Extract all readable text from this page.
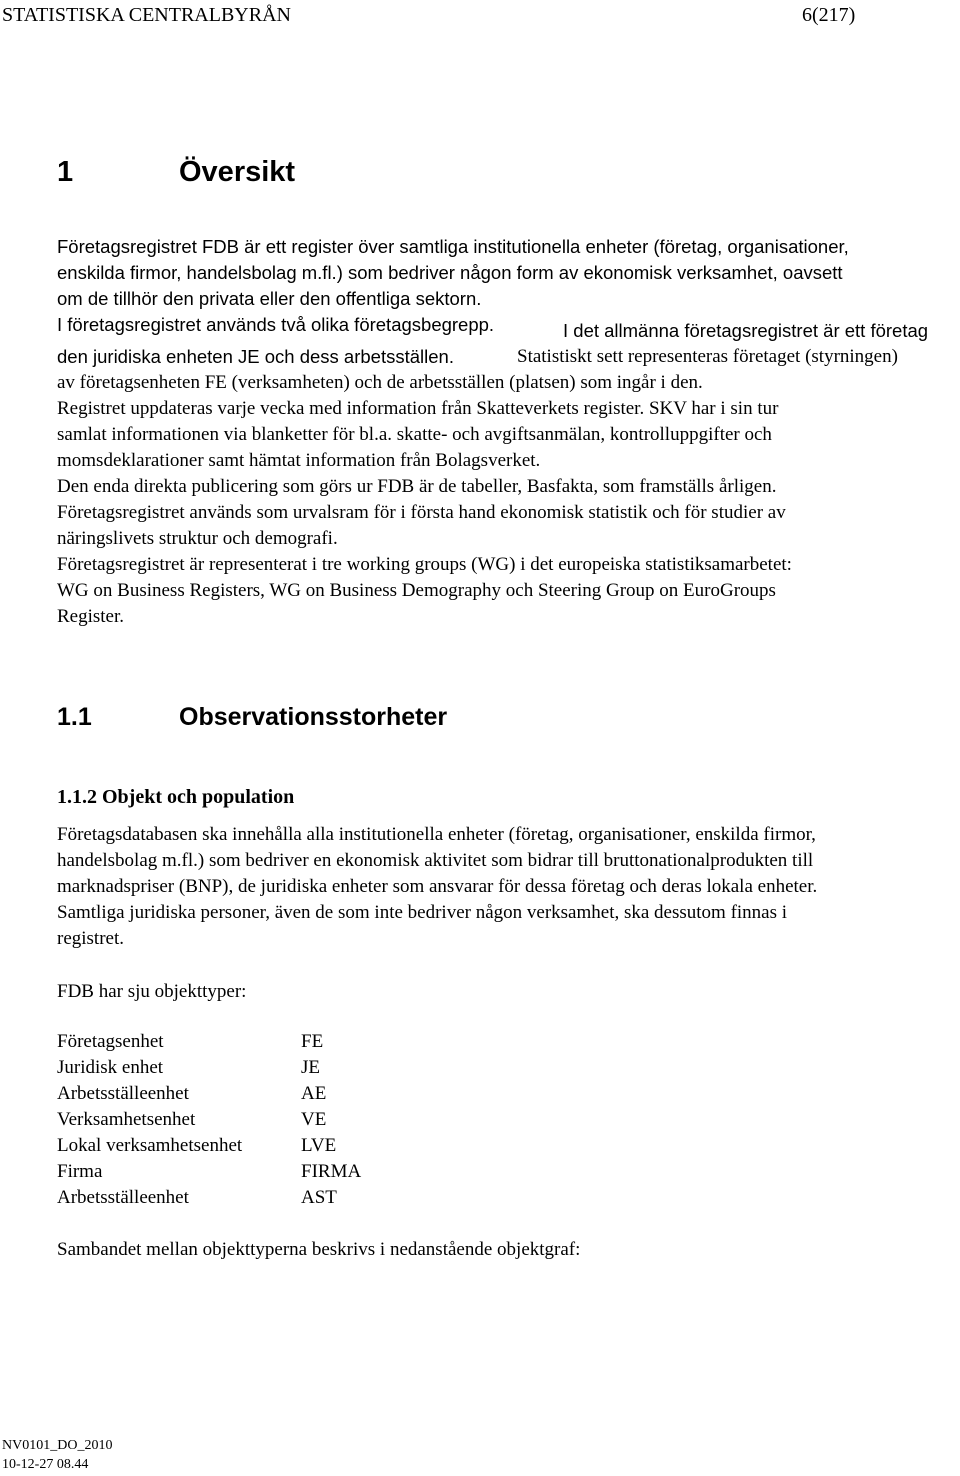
STATISTISKA CENTRALBYRÅN	6(217)
1	Översikt
Företagsregistret FDB är ett register över samtliga institutionella enheter (företag, organisationer,
enskilda firmor, handelsbolag m.fl.) som bedriver någon form av ekonomisk verksamhet, oavsett
om de tillhör den privata eller den offentliga sektorn.
I företagsregistret används två olika företagsbegrepp.	I det allmänna företagsregistret är ett företag
den juridiska enheten JE och dess arbetsställen.	Statistiskt sett representeras företaget (styrningen)
av företagsenheten FE (verksamheten) och de arbetsställen (platsen) som ingår i den.
Registret uppdateras varje vecka med information från Skatteverkets register. SKV har i sin tur
samlat informationen via blanketter för bl.a. skatte- och avgiftsanmälan, kontrolluppgifter och
momsdeklarationer samt hämtat information från Bolagsverket.
Den enda direkta publicering som görs ur FDB är de tabeller, Basfakta, som framställs årligen.
Företagsregistret används som urvalsram för i första hand ekonomisk statistik och för studier av
näringslivets struktur och demografi.
Företagsregistret är representerat i tre working groups (WG) i det europeiska statistiksamarbetet:
WG on Business Registers, WG on Business Demography och Steering Group on EuroGroups
Register.
1.1	Observationsstorheter
1.1.2 Objekt och population
Företagsdatabasen ska innehålla alla institutionella enheter (företag, organisationer, enskilda firmor,
handelsbolag m.fl.) som bedriver en ekonomisk aktivitet som bidrar till bruttonationalprodukten till
marknadspriser (BNP), de juridiska enheter som ansvarar för dessa företag och deras lokala enheter.
Samtliga juridiska personer, även de som inte bedriver någon verksamhet, ska dessutom finnas i
registret.
FDB har sju objekttyper:
Företagsenhet	FE
Juridisk enhet	JE
Arbetsställeenhet	AE
Verksamhetsenhet	VE
Lokal verksamhetsenhet	LVE
Firma	FIRMA
Arbetsställeenhet	AST
Sambandet mellan objekttyperna beskrivs i nedanstående objektgraf:
NV0101_DO_2010
10-12-27 08.44
